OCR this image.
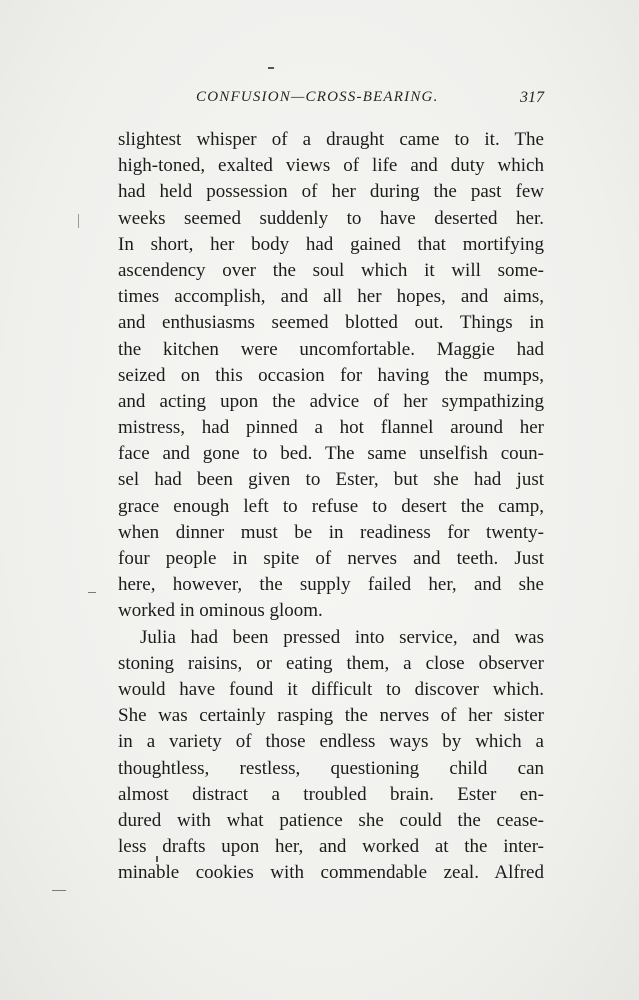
CONFUSION—CROSS-BEARING.	317
slightest whisper of a draught came to it. The
high-toned, exalted views of life and duty which
had held possession of her during the past few
weeks seemed suddenly to have deserted her.
In short, her body had gained that mortifying
ascendency over the soul which it will some-
times accomplish, and all her hopes, and aims,
and enthusiasms seemed blotted out. Things in
the kitchen were uncomfortable. Maggie had
seized on this occasion for having the mumps,
and acting upon the advice of her sympathizing
mistress, had pinned a hot flannel around her
face and gone to bed. The same unselfish coun-
sel had been given to Ester, but she had just
grace enough left to refuse to desert the camp,
when dinner must be in readiness for twenty-
four people in spite of nerves and teeth. Just
here, however, the supply failed her, and she
worked in ominous gloom.
Julia had been pressed into service, and was
stoning raisins, or eating them, a close observer
would have found it difficult to discover which.
She was certainly rasping the nerves of her sister
in a variety of those endless ways by which a
thoughtless, restless, questioning child can
almost distract a troubled brain. Ester en-
dured with what patience she could the cease-
less drafts upon her, and worked at the inter-
minable cookies with commendable zeal. Alfred
